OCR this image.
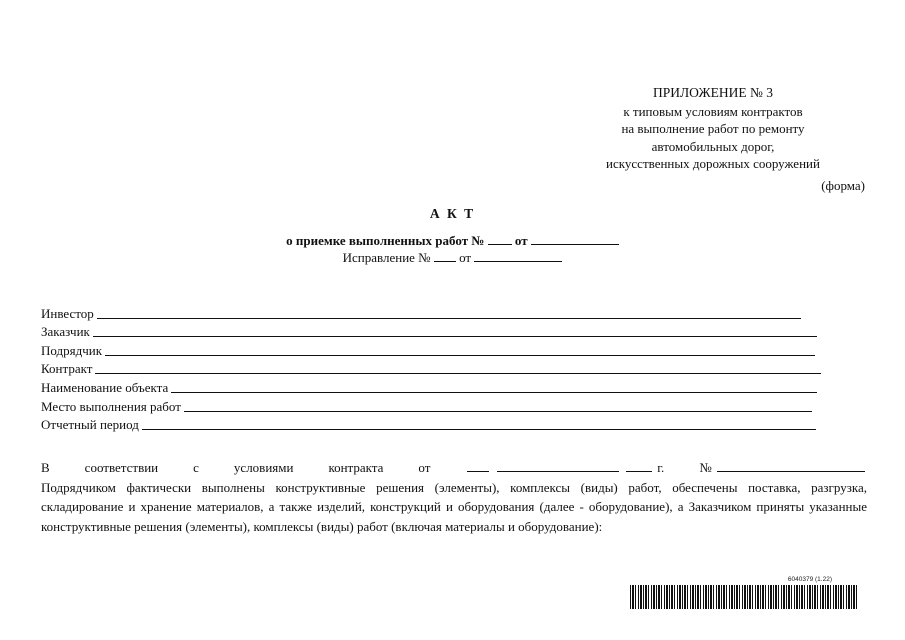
ПРИЛОЖЕНИЕ № 3
к типовым условиям контрактов
на выполнение работ по ремонту
автомобильных дорог,
искусственных дорожных сооружений
(форма)
А К Т
о приемке выполненных работ № от
Исправление № от
Инвестор
Заказчик
Подрядчик
Контракт
Наименование объекта
Место выполнения работ
Отчетный период
В	соответствии	с	условиями	контракта	от	г.	№
Подрядчиком фактически выполнены конструктивные решения (элементы), комплексы (виды) работ, обеспечены поставка, разгрузка, складирование и хранение материалов, а также изделий, конструкций и оборудования (далее - оборудование), а Заказчиком приняты указанные конструктивные решения (элементы), комплексы (виды) работ (включая материалы и оборудование):
6040379 (1.22)
